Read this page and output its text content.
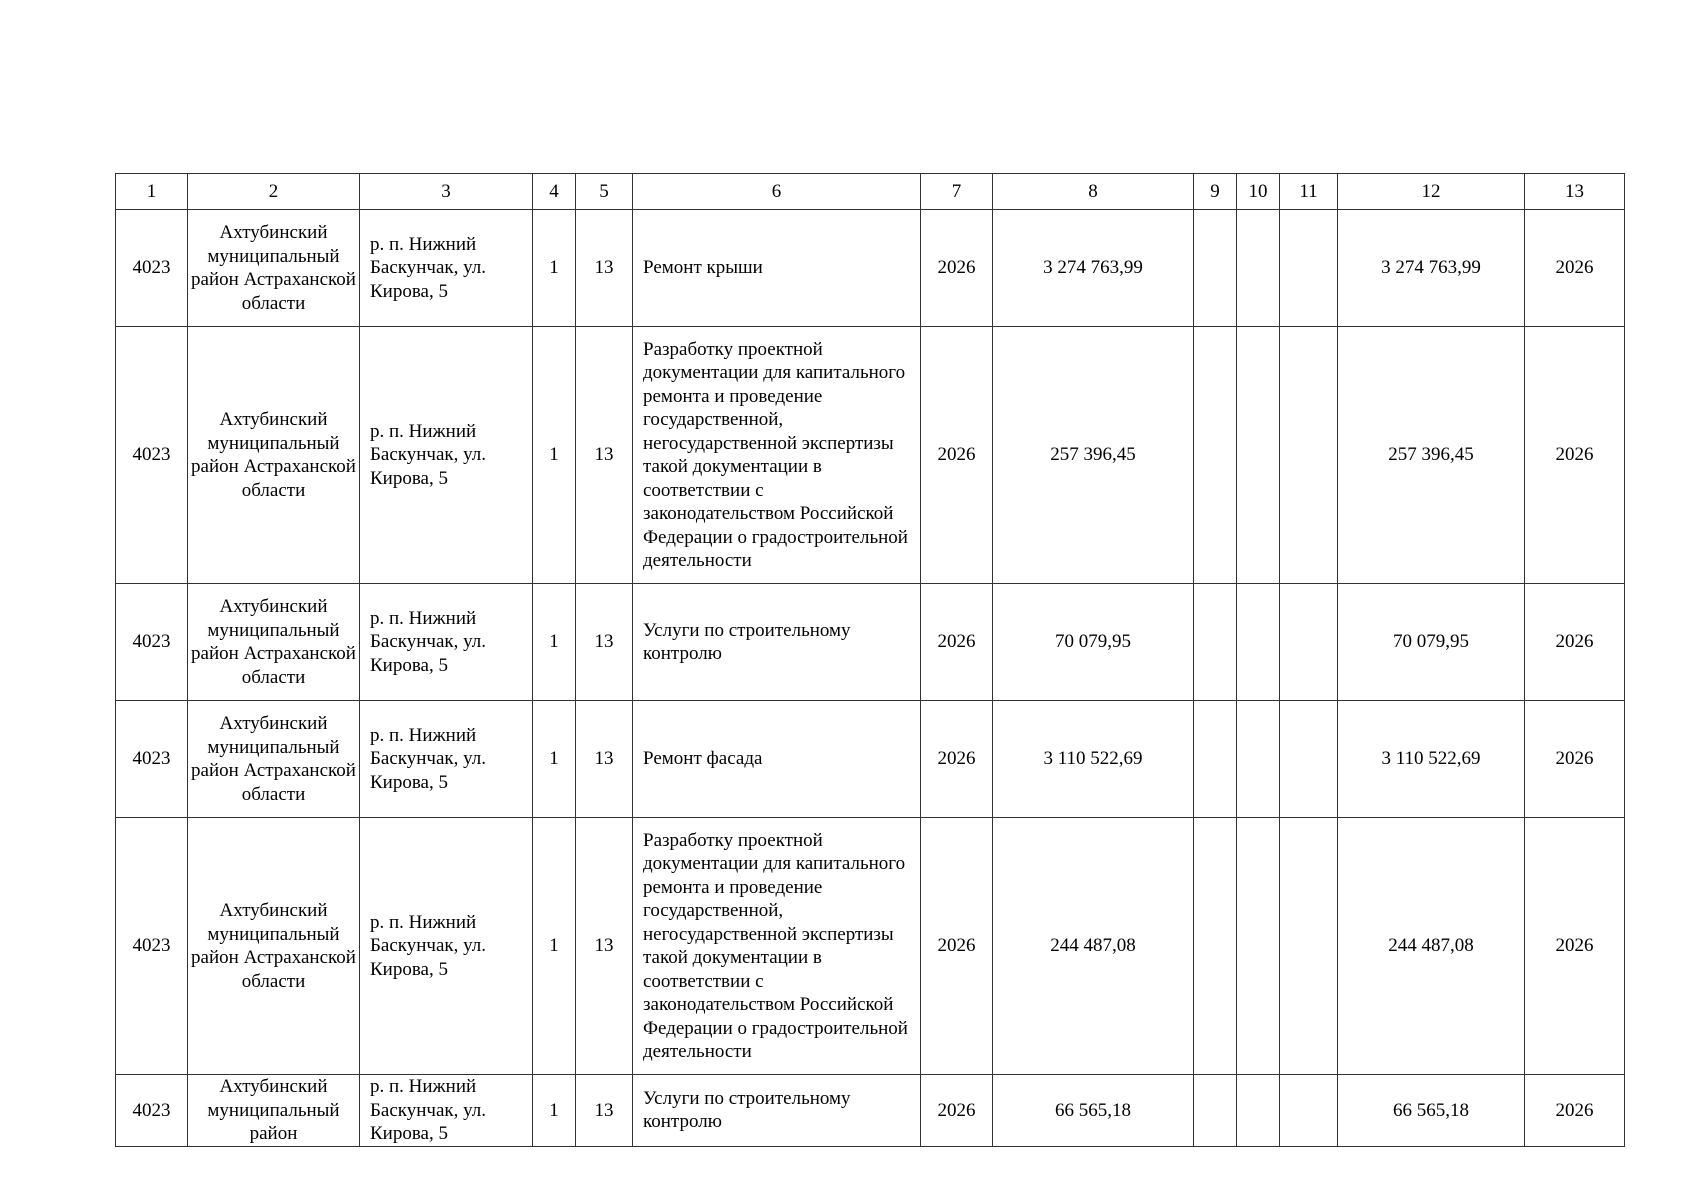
1	2	3	4	5	6	7	8	9	10	11	12	13
4023	Ахтубинский муниципальный район Астраханской области	р. п. Нижний Баскунчак, ул. Кирова, 5	1	13	Ремонт крыши	2026	3 274 763,99				3 274 763,99	2026
4023	Ахтубинский муниципальный район Астраханской области	р. п. Нижний Баскунчак, ул. Кирова, 5	1	13	Разработку проектной документации для капитального ремонта и проведение государственной, негосударственной экспертизы такой документации в соответствии с законодательством Российской Федерации о градостроительной деятельности	2026	257 396,45				257 396,45	2026
4023	Ахтубинский муниципальный район Астраханской области	р. п. Нижний Баскунчак, ул. Кирова, 5	1	13	Услуги по строительному контролю	2026	70 079,95				70 079,95	2026
4023	Ахтубинский муниципальный район Астраханской области	р. п. Нижний Баскунчак, ул. Кирова, 5	1	13	Ремонт фасада	2026	3 110 522,69				3 110 522,69	2026
4023	Ахтубинский муниципальный район Астраханской области	р. п. Нижний Баскунчак, ул. Кирова, 5	1	13	Разработку проектной документации для капитального ремонта и проведение государственной, негосударственной экспертизы такой документации в соответствии с законодательством Российской Федерации о градостроительной деятельности	2026	244 487,08				244 487,08	2026
4023	Ахтубинский муниципальный район	р. п. Нижний Баскунчак, ул. Кирова, 5	1	13	Услуги по строительному контролю	2026	66 565,18				66 565,18	2026
